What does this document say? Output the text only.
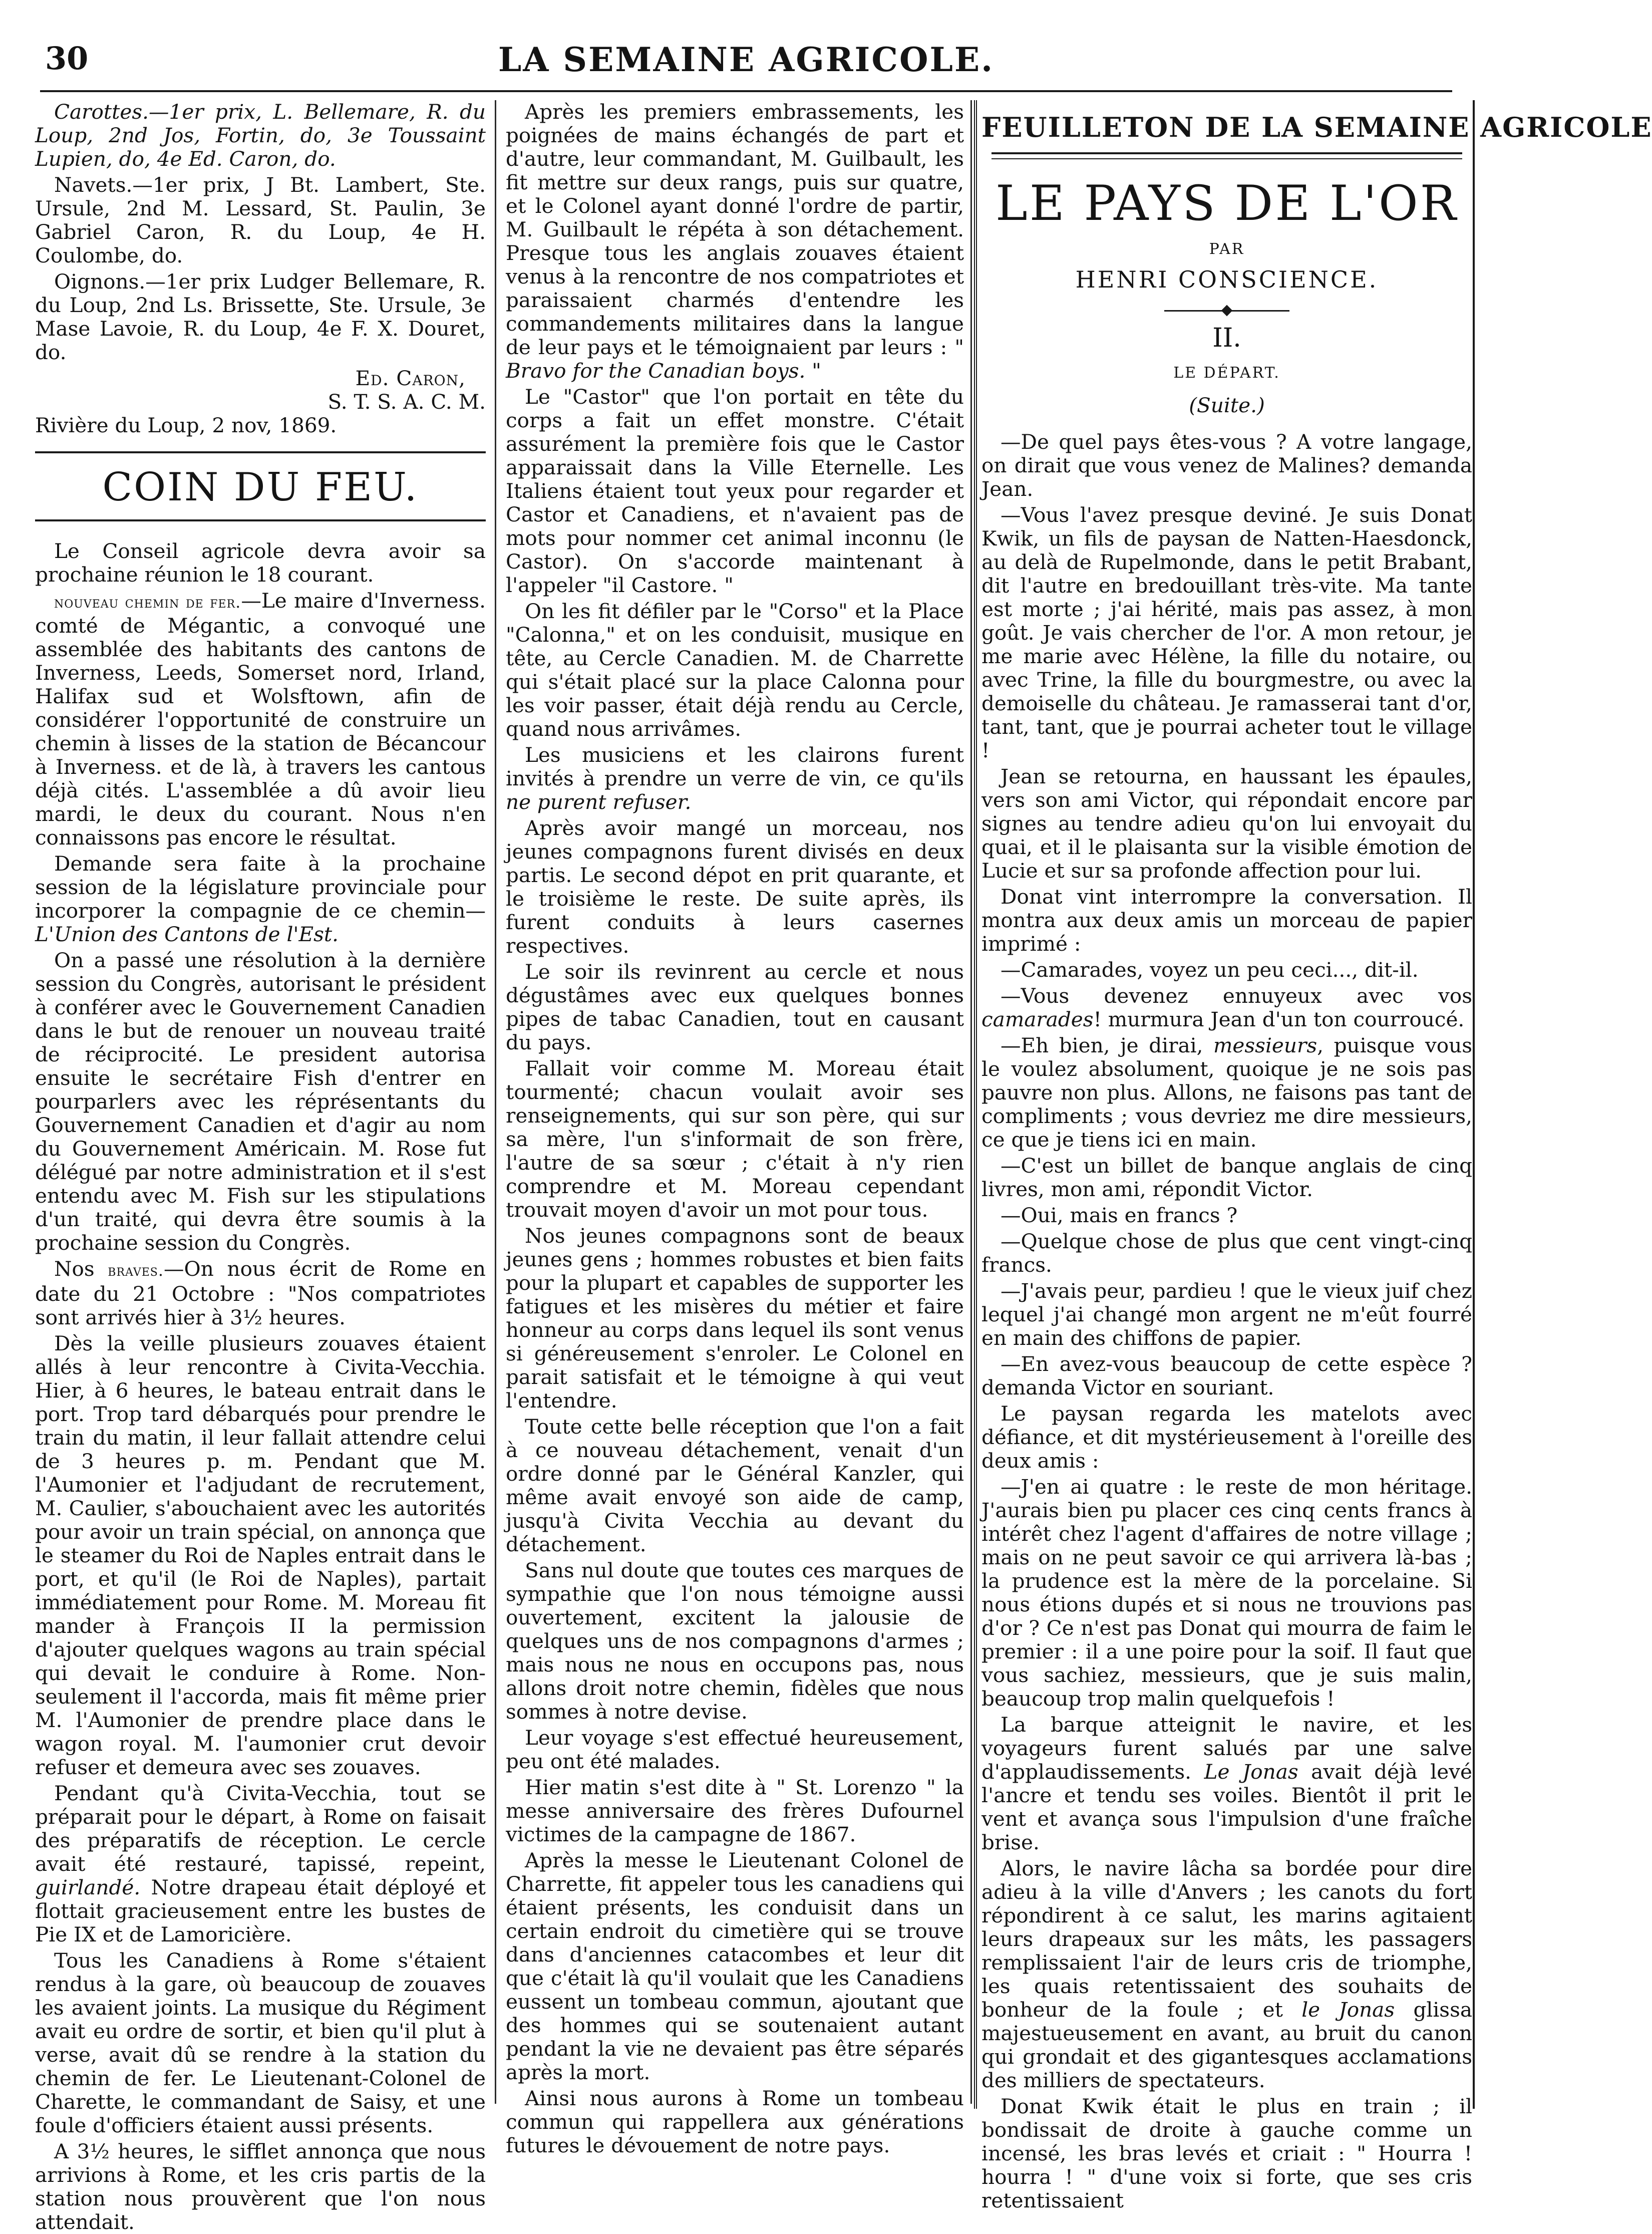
30	LA SEMAINE AGRICOLE.

Carottes.—1er prix, L. Bellemare, R. du Loup, 2nd Jos, Fortin, do, 3e Toussaint Lupien, do, 4e Ed. Caron, do.

Navets.—1er prix, J Bt. Lambert, Ste. Ursule, 2nd M. Lessard, St. Paulin, 3e Gabriel Caron, R. du Loup, 4e H. Coulombe, do.

Oignons.—1er prix Ludger Bellemare, R. du Loup, 2nd Ls. Brissette, Ste. Ursule, 3e Mase Lavoie, R. du Loup, 4e F. X. Douret, do.

Ed. Caron,
S. T. S. A. C. M.

Rivière du Loup, 2 nov, 1869.

COIN DU FEU.

Le Conseil agricole devra avoir sa prochaine réunion le 18 courant.

nouveau chemin de fer.—Le maire d'Inverness. comté de Mégantic, a convoqué une assemblée des habitants des cantons de Inverness, Leeds, Somerset nord, Irland, Halifax sud et Wolsftown, afin de considérer l'opportunité de construire un chemin à lisses de la station de Bécancour à Inverness. et de là, à travers les cantous déjà cités. L'assemblée a dû avoir lieu mardi, le deux du courant. Nous n'en connaissons pas encore le résultat.

Demande sera faite à la prochaine session de la législature provinciale pour incorporer la compagnie de ce chemin—L'Union des Cantons de l'Est.

On a passé une résolution à la dernière session du Congrès, autorisant le président à conférer avec le Gouvernement Canadien dans le but de renouer un nouveau traité de réciprocité. Le president autorisa ensuite le secrétaire Fish d'entrer en pourparlers avec les réprésentants du Gouvernement Canadien et d'agir au nom du Gouvernement Américain. M. Rose fut délégué par notre administration et il s'est entendu avec M. Fish sur les stipulations d'un traité, qui devra être soumis à la prochaine session du Congrès.

Nos braves.—On nous écrit de Rome en date du 21 Octobre : "Nos compatriotes sont arrivés hier à 3½ heures.

Dès la veille plusieurs zouaves étaient allés à leur rencontre à Civita-Vecchia. Hier, à 6 heures, le bateau entrait dans le port. Trop tard débarqués pour prendre le train du matin, il leur fallait attendre celui de 3 heures p. m. Pendant que M. l'Aumonier et l'adjudant de recrutement, M. Caulier, s'abouchaient avec les autorités pour avoir un train spécial, on annonça que le steamer du Roi de Naples entrait dans le port, et qu'il (le Roi de Naples), partait immédiatement pour Rome. M. Moreau fit mander à François II la permission d'ajouter quelques wagons au train spécial qui devait le conduire à Rome. Non-seulement il l'accorda, mais fit même prier M. l'Aumonier de prendre place dans le wagon royal. M. l'aumonier crut devoir refuser et demeura avec ses zouaves.

Pendant qu'à Civita-Vecchia, tout se préparait pour le départ, à Rome on faisait des préparatifs de réception. Le cercle avait été restauré, tapissé, repeint, guirlandé. Notre drapeau était déployé et flottait gracieusement entre les bustes de Pie IX et de Lamoricière.

Tous les Canadiens à Rome s'étaient rendus à la gare, où beaucoup de zouaves les avaient joints. La musique du Régiment avait eu ordre de sortir, et bien qu'il plut à verse, avait dû se rendre à la station du chemin de fer. Le Lieutenant-Colonel de Charette, le commandant de Saisy, et une foule d'officiers étaient aussi présents.

A 3½ heures, le sifflet annonça que nous arrivions à Rome, et les cris partis de la station nous prouvèrent que l'on nous attendait.

Après les premiers embrassements, les poignées de mains échangés de part et d'autre, leur commandant, M. Guilbault, les fit mettre sur deux rangs, puis sur quatre, et le Colonel ayant donné l'ordre de partir, M. Guilbault le répéta à son détachement. Presque tous les anglais zouaves étaient venus à la rencontre de nos compatriotes et paraissaient charmés d'entendre les commandements militaires dans la langue de leur pays et le témoignaient par leurs : " Bravo for the Canadian boys. "

Le "Castor" que l'on portait en tête du corps a fait un effet monstre. C'était assurément la première fois que le Castor apparaissait dans la Ville Eternelle. Les Italiens étaient tout yeux pour regarder et Castor et Canadiens, et n'avaient pas de mots pour nommer cet animal inconnu (le Castor). On s'accorde maintenant à l'appeler "il Castore. "

On les fit défiler par le "Corso" et la Place "Calonna," et on les conduisit, musique en tête, au Cercle Canadien. M. de Charrette qui s'était placé sur la place Calonna pour les voir passer, était déjà rendu au Cercle, quand nous arrivâmes.

Les musiciens et les clairons furent invités à prendre un verre de vin, ce qu'ils ne purent refuser.

Après avoir mangé un morceau, nos jeunes compagnons furent divisés en deux partis. Le second dépot en prit quarante, et le troisième le reste. De suite après, ils furent conduits à leurs casernes respectives.

Le soir ils revinrent au cercle et nous dégustâmes avec eux quelques bonnes pipes de tabac Canadien, tout en causant du pays.

Fallait voir comme M. Moreau était tourmenté; chacun voulait avoir ses renseignements, qui sur son père, qui sur sa mère, l'un s'informait de son frère, l'autre de sa sœur ; c'était à n'y rien comprendre et M. Moreau cependant trouvait moyen d'avoir un mot pour tous.

Nos jeunes compagnons sont de beaux jeunes gens ; hommes robustes et bien faits pour la plupart et capables de supporter les fatigues et les misères du métier et faire honneur au corps dans lequel ils sont venus si généreusement s'enroler. Le Colonel en parait satisfait et le témoigne à qui veut l'entendre.

Toute cette belle réception que l'on a fait à ce nouveau détachement, venait d'un ordre donné par le Général Kanzler, qui même avait envoyé son aide de camp, jusqu'à Civita Vecchia au devant du détachement.

Sans nul doute que toutes ces marques de sympathie que l'on nous témoigne aussi ouvertement, excitent la jalousie de quelques uns de nos compagnons d'armes ; mais nous ne nous en occupons pas, nous allons droit notre chemin, fidèles que nous sommes à notre devise.

Leur voyage s'est effectué heureusement, peu ont été malades.

Hier matin s'est dite à " St. Lorenzo " la messe anniversaire des frères Dufournel victimes de la campagne de 1867.

Après la messe le Lieutenant Colonel de Charrette, fit appeler tous les canadiens qui étaient présents, les conduisit dans un certain endroit du cimetière qui se trouve dans d'anciennes catacombes et leur dit que c'était là qu'il voulait que les Canadiens eussent un tombeau commun, ajoutant que des hommes qui se soutenaient autant pendant la vie ne devaient pas être séparés après la mort.

Ainsi nous aurons à Rome un tombeau commun qui rappellera aux générations futures le dévouement de notre pays.

FEUILLETON DE LA SEMAINE AGRICOLE
LE PAYS DE L'OR
PAR
HENRI CONSCIENCE.
II.
LE DÉPART.
(Suite.)

—De quel pays êtes-vous ? A votre langage, on dirait que vous venez de Malines? demanda Jean.

—Vous l'avez presque deviné. Je suis Donat Kwik, un fils de paysan de Natten-Haesdonck, au delà de Rupelmonde, dans le petit Brabant, dit l'autre en bredouillant très-vite. Ma tante est morte ; j'ai hérité, mais pas assez, à mon goût. Je vais chercher de l'or. A mon retour, je me marie avec Hélène, la fille du notaire, ou avec Trine, la fille du bourgmestre, ou avec la demoiselle du château. Je ramasserai tant d'or, tant, tant, que je pourrai acheter tout le village !

Jean se retourna, en haussant les épaules, vers son ami Victor, qui répondait encore par signes au tendre adieu qu'on lui envoyait du quai, et il le plaisanta sur la visible émotion de Lucie et sur sa profonde affection pour lui.

Donat vint interrompre la conversation. Il montra aux deux amis un morceau de papier imprimé :

—Camarades, voyez un peu ceci..., dit-il.

—Vous devenez ennuyeux avec vos camarades! murmura Jean d'un ton courroucé.

—Eh bien, je dirai, messieurs, puisque vous le voulez absolument, quoique je ne sois pas pauvre non plus. Allons, ne faisons pas tant de compliments ; vous devriez me dire messieurs, ce que je tiens ici en main.

—C'est un billet de banque anglais de cinq livres, mon ami, répondit Victor.

—Oui, mais en francs ?

—Quelque chose de plus que cent vingt-cinq francs.

—J'avais peur, pardieu ! que le vieux juif chez lequel j'ai changé mon argent ne m'eût fourré en main des chiffons de papier.

—En avez-vous beaucoup de cette espèce ? demanda Victor en souriant.

Le paysan regarda les matelots avec défiance, et dit mystérieusement à l'oreille des deux amis :

—J'en ai quatre : le reste de mon héritage. J'aurais bien pu placer ces cinq cents francs à intérêt chez l'agent d'affaires de notre village ; mais on ne peut savoir ce qui arrivera là-bas ; la prudence est la mère de la porcelaine. Si nous étions dupés et si nous ne trouvions pas d'or ? Ce n'est pas Donat qui mourra de faim le premier : il a une poire pour la soif. Il faut que vous sachiez, messieurs, que je suis malin, beaucoup trop malin quelquefois !

La barque atteignit le navire, et les voyageurs furent salués par une salve d'applaudissements. Le Jonas avait déjà levé l'ancre et tendu ses voiles. Bientôt il prit le vent et avança sous l'impulsion d'une fraîche brise.

Alors, le navire lâcha sa bordée pour dire adieu à la ville d'Anvers ; les canots du fort répondirent à ce salut, les marins agitaient leurs drapeaux sur les mâts, les passagers remplissaient l'air de leurs cris de triomphe, les quais retentissaient des souhaits de bonheur de la foule ; et le Jonas glissa majestueusement en avant, au bruit du canon qui grondait et des gigantesques acclamations des milliers de spectateurs.

Donat Kwik était le plus en train ; il bondissait de droite à gauche comme un incensé, les bras levés et criait : " Hourra ! hourra ! " d'une voix si forte, que ses cris retentissaient
